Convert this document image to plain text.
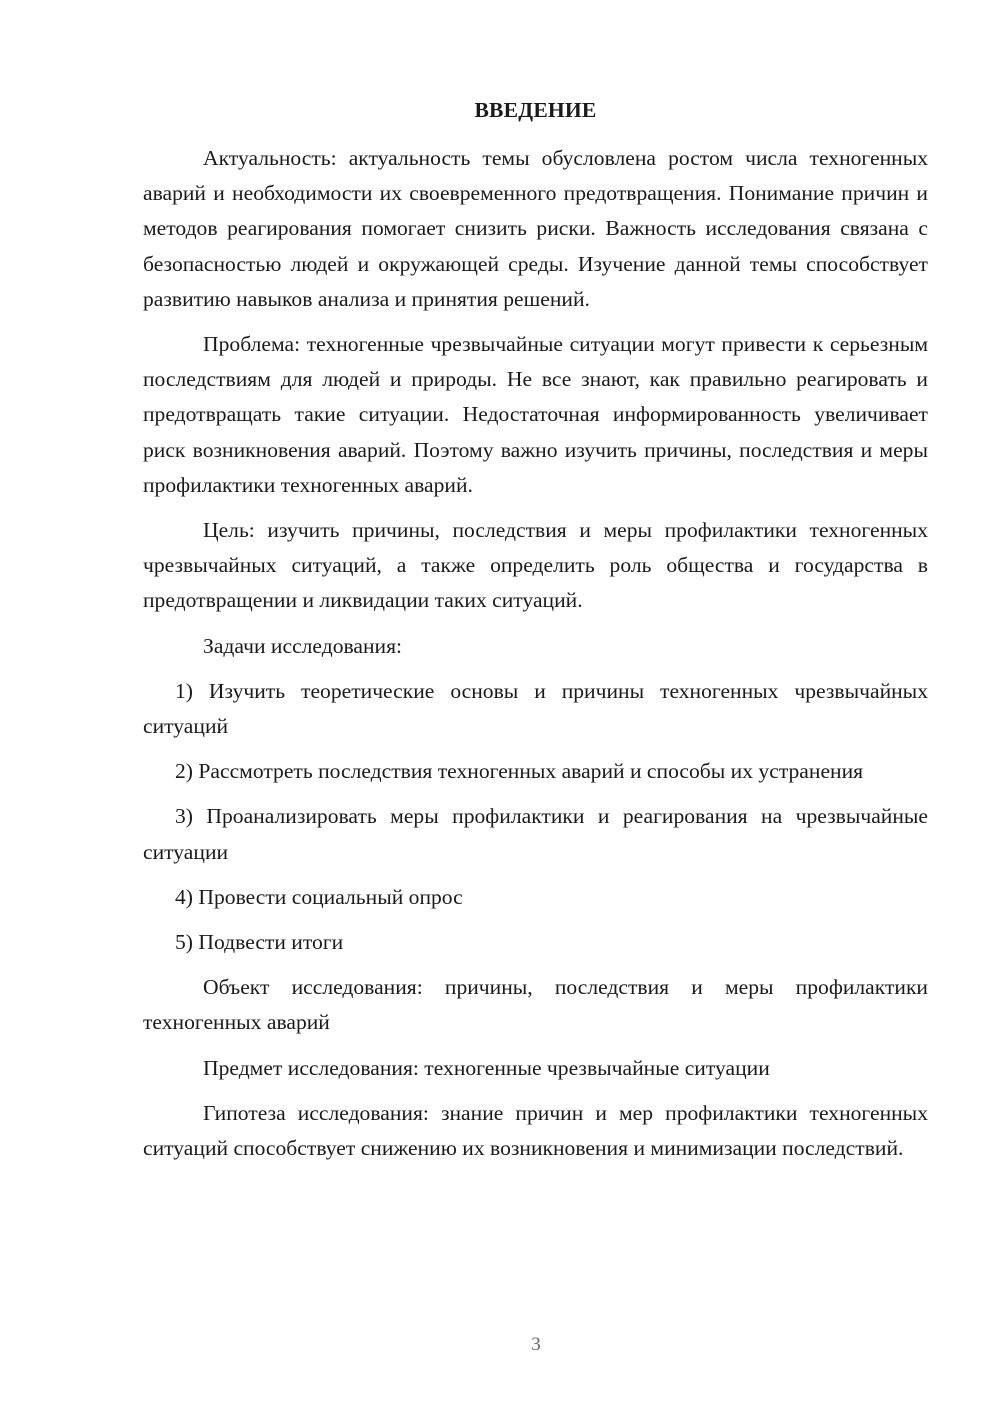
ВВЕДЕНИЕ

Актуальность: актуальность темы обусловлена ростом числа техногенных аварий и необходимости их своевременного предотвращения. Понимание причин и методов реагирования помогает снизить риски. Важность исследования связана с безопасностью людей и окружающей среды. Изучение данной темы способствует развитию навыков анализа и принятия решений.

Проблема: техногенные чрезвычайные ситуации могут привести к серьезным последствиям для людей и природы. Не все знают, как правильно реагировать и предотвращать такие ситуации. Недостаточная информированность увеличивает риск возникновения аварий. Поэтому важно изучить причины, последствия и меры профилактики техногенных аварий.

Цель: изучить причины, последствия и меры профилактики техногенных чрезвычайных ситуаций, а также определить роль общества и государства в предотвращении и ликвидации таких ситуаций.

Задачи исследования:

1) Изучить теоретические основы и причины техногенных чрезвычайных ситуаций

2) Рассмотреть последствия техногенных аварий и способы их устранения

3) Проанализировать меры профилактики и реагирования на чрезвычайные ситуации

4) Провести социальный опрос

5) Подвести итоги

Объект исследования: причины, последствия и меры профилактики техногенных аварий

Предмет исследования: техногенные чрезвычайные ситуации

Гипотеза исследования: знание причин и мер профилактики техногенных ситуаций способствует снижению их возникновения и минимизации последствий.

3
